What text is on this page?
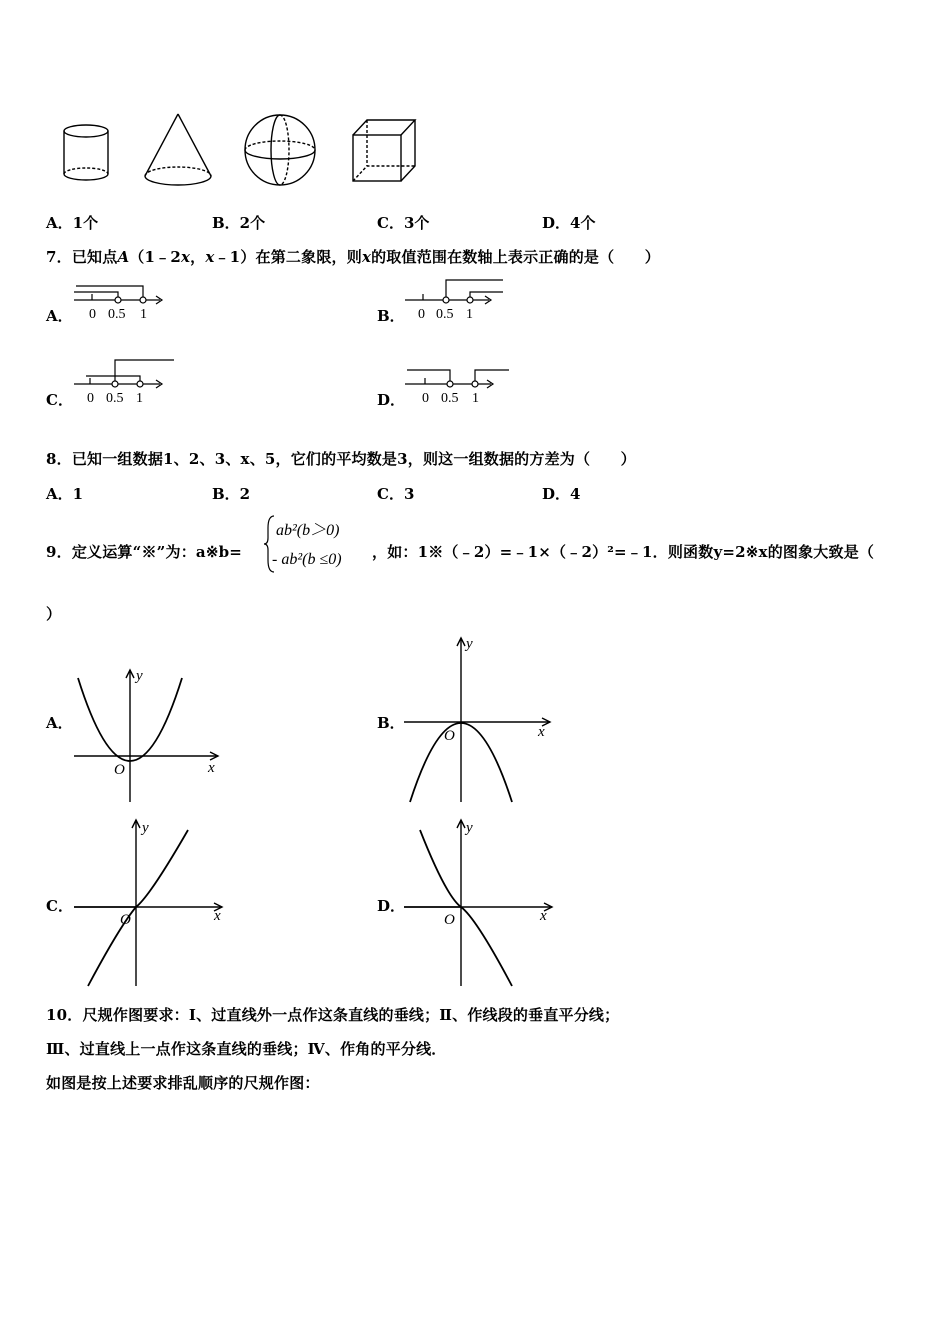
A．1个	B．2个	C．3个	D．4个
7．已知点A（1﹣2x，x﹣1）在第二象限，则x的取值范围在数轴上表示正确的是（　　）
A． 0 0.5 1	B． 0 0.5 1
C． 0 0.5 1	D． 0 0.5 1
8．已知一组数据1、2、3、x、5，它们的平均数是3，则这一组数据的方差为（　　）
A．1	B．2	C．3	D．4
9．定义运算“※”为：a※b=
ab²(b＞0)
- ab²(b ≤0) ，如：1※（﹣2）=﹣1×（﹣2）²=﹣1．则函数y=2※x的图象大致是（
）
A．
x
y
O
B．	x
y
O
C．
x
y
O
D．
x
y
O
10．尺规作图要求：Ⅰ、过直线外一点作这条直线的垂线；Ⅱ、作线段的垂直平分线；
Ⅲ、过直线上一点作这条直线的垂线；Ⅳ、作角的平分线．
如图是按上述要求排乱顺序的尺规作图：
